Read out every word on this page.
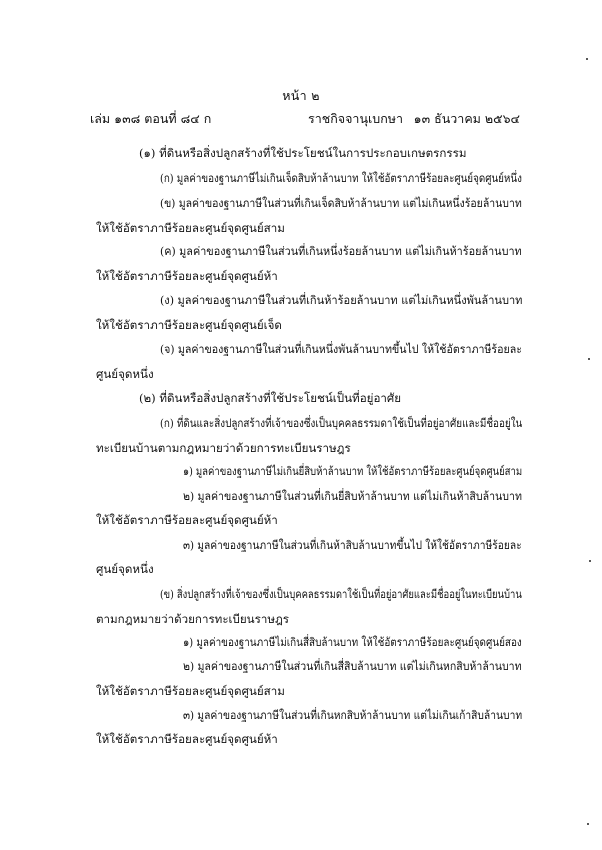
หน้า ๒
เล่ม ๑๓๘ ตอนที่ ๘๔ ก	ราชกิจจานุเบกษา ๑๓ ธันวาคม ๒๕๖๔
(๑) ที่ดินหรือสิ่งปลูกสร้างที่ใช้ประโยชน์ในการประกอบเกษตรกรรม
(ก) มูลค่าของฐานภาษีไม่เกินเจ็ดสิบห้าล้านบาท ให้ใช้อัตราภาษีร้อยละศูนย์จุดศูนย์หนึ่ง
(ข) มูลค่าของฐานภาษีในส่วนที่เกินเจ็ดสิบห้าล้านบาท แต่ไม่เกินหนึ่งร้อยล้านบาท
ให้ใช้อัตราภาษีร้อยละศูนย์จุดศูนย์สาม
(ค) มูลค่าของฐานภาษีในส่วนที่เกินหนึ่งร้อยล้านบาท แต่ไม่เกินห้าร้อยล้านบาท
ให้ใช้อัตราภาษีร้อยละศูนย์จุดศูนย์ห้า
(ง) มูลค่าของฐานภาษีในส่วนที่เกินห้าร้อยล้านบาท แต่ไม่เกินหนึ่งพันล้านบาท
ให้ใช้อัตราภาษีร้อยละศูนย์จุดศูนย์เจ็ด
(จ) มูลค่าของฐานภาษีในส่วนที่เกินหนึ่งพันล้านบาทขึ้นไป ให้ใช้อัตราภาษีร้อยละ
ศูนย์จุดหนึ่ง
(๒) ที่ดินหรือสิ่งปลูกสร้างที่ใช้ประโยชน์เป็นที่อยู่อาศัย
(ก) ที่ดินและสิ่งปลูกสร้างที่เจ้าของซึ่งเป็นบุคคลธรรมดาใช้เป็นที่อยู่อาศัยและมีชื่ออยู่ใน
ทะเบียนบ้านตามกฎหมายว่าด้วยการทะเบียนราษฎร
๑) มูลค่าของฐานภาษีไม่เกินยี่สิบห้าล้านบาท ให้ใช้อัตราภาษีร้อยละศูนย์จุดศูนย์สาม
๒) มูลค่าของฐานภาษีในส่วนที่เกินยี่สิบห้าล้านบาท แต่ไม่เกินห้าสิบล้านบาท
ให้ใช้อัตราภาษีร้อยละศูนย์จุดศูนย์ห้า
๓) มูลค่าของฐานภาษีในส่วนที่เกินห้าสิบล้านบาทขึ้นไป ให้ใช้อัตราภาษีร้อยละ
ศูนย์จุดหนึ่ง
(ข) สิ่งปลูกสร้างที่เจ้าของซึ่งเป็นบุคคลธรรมดาใช้เป็นที่อยู่อาศัยและมีชื่ออยู่ในทะเบียนบ้าน
ตามกฎหมายว่าด้วยการทะเบียนราษฎร
๑) มูลค่าของฐานภาษีไม่เกินสี่สิบล้านบาท ให้ใช้อัตราภาษีร้อยละศูนย์จุดศูนย์สอง
๒) มูลค่าของฐานภาษีในส่วนที่เกินสี่สิบล้านบาท แต่ไม่เกินหกสิบห้าล้านบาท
ให้ใช้อัตราภาษีร้อยละศูนย์จุดศูนย์สาม
๓) มูลค่าของฐานภาษีในส่วนที่เกินหกสิบห้าล้านบาท แต่ไม่เกินเก้าสิบล้านบาท
ให้ใช้อัตราภาษีร้อยละศูนย์จุดศูนย์ห้า
